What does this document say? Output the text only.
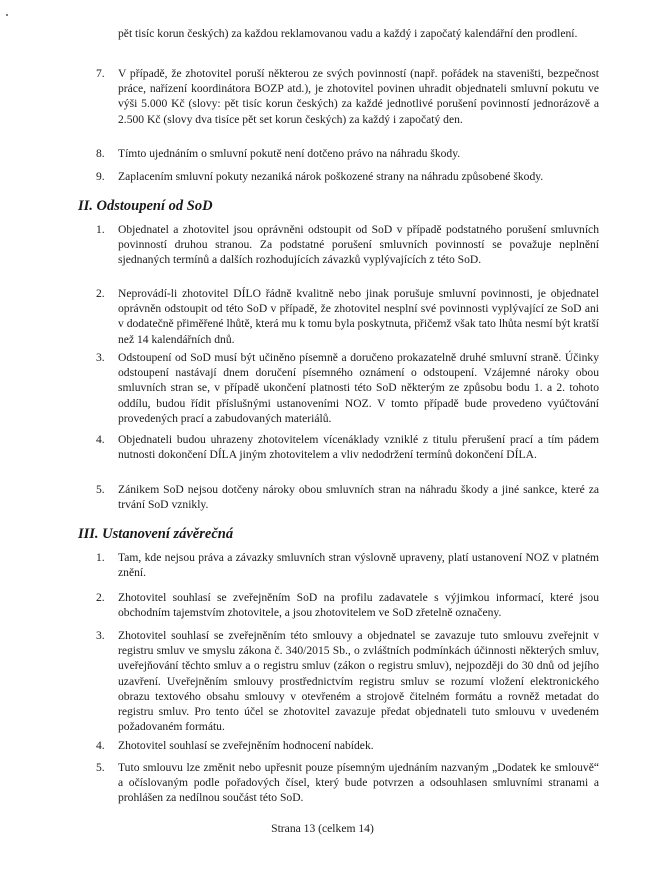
pět tisíc korun českých) za každou reklamovanou vadu a každý i započatý kalendářní den prodlení.

7.	V případě, že zhotovitel poruší některou ze svých povinností (např. pořádek na staveništi, bezpečnost práce, nařízení koordinátora BOZP atd.), je zhotovitel povinen uhradit objednateli smluvní pokutu ve výši 5.000 Kč (slovy: pět tisíc korun českých) za každé jednotlivé porušení povinností jednorázově a 2.500 Kč (slovy dva tisíce pět set korun českých) za každý i započatý den.
8.	Tímto ujednáním o smluvní pokutě není dotčeno právo na náhradu škody.
9.	Zaplacením smluvní pokuty nezaniká nárok poškozené strany na náhradu způsobené škody.
II. Odstoupení od SoD
1.	Objednatel a zhotovitel jsou oprávněni odstoupit od SoD v případě podstatného porušení smluvních povinností druhou stranou. Za podstatné porušení smluvních povinností se považuje neplnění sjednaných termínů a dalších rozhodujících závazků vyplývajících z této SoD.
2.	Neprovádí-li zhotovitel DÍLO řádně kvalitně nebo jinak porušuje smluvní povinnosti, je objednatel oprávněn odstoupit od této SoD v případě, že zhotovitel nesplní své povinnosti vyplývající ze SoD ani v dodatečně přiměřené lhůtě, která mu k tomu byla poskytnuta, přičemž však tato lhůta nesmí být kratší než 14 kalendářních dnů.
3.	Odstoupení od SoD musí být učiněno písemně a doručeno prokazatelně druhé smluvní straně. Účinky odstoupení nastávají dnem doručení písemného oznámení o odstoupení. Vzájemné nároky obou smluvních stran se, v případě ukončení platnosti této SoD některým ze způsobu bodu 1. a 2. tohoto oddílu, budou řídit příslušnými ustanoveními NOZ. V tomto případě bude provedeno vyúčtování provedených prací a zabudovaných materiálů.
4.	Objednateli budou uhrazeny zhotovitelem vícenáklady vzniklé z titulu přerušení prací a tím pádem nutnosti dokončení DÍLA jiným zhotovitelem a vliv nedodržení termínů dokončení DÍLA.
5.	Zánikem SoD nejsou dotčeny nároky obou smluvních stran na náhradu škody a jiné sankce, které za trvání SoD vznikly.
III. Ustanovení závěrečná
1.	Tam, kde nejsou práva a závazky smluvních stran výslovně upraveny, platí ustanovení NOZ v platném znění.
2.	Zhotovitel souhlasí se zveřejněním SoD na profilu zadavatele s výjimkou informací, které jsou obchodním tajemstvím zhotovitele, a jsou zhotovitelem ve SoD zřetelně označeny.
3.	Zhotovitel souhlasí se zveřejněním této smlouvy a objednatel se zavazuje tuto smlouvu zveřejnit v registru smluv ve smyslu zákona č. 340/2015 Sb., o zvláštních podmínkách účinnosti některých smluv, uveřejňování těchto smluv a o registru smluv (zákon o registru smluv), nejpozději do 30 dnů od jejího uzavření. Uveřejněním smlouvy prostřednictvím registru smluv se rozumí vložení elektronického obrazu textového obsahu smlouvy v otevřeném a strojově čitelném formátu a rovněž metadat do registru smluv. Pro tento účel se zhotovitel zavazuje předat objednateli tuto smlouvu v uvedeném požadovaném formátu.
4.	Zhotovitel souhlasí se zveřejněním hodnocení nabídek.
5.	Tuto smlouvu lze změnit nebo upřesnit pouze písemným ujednáním nazvaným „Dodatek ke smlouvě“ a očíslovaným podle pořadových čísel, který bude potvrzen a odsouhlasen smluvními stranami a prohlášen za nedílnou součást této SoD.
Strana 13 (celkem 14)
